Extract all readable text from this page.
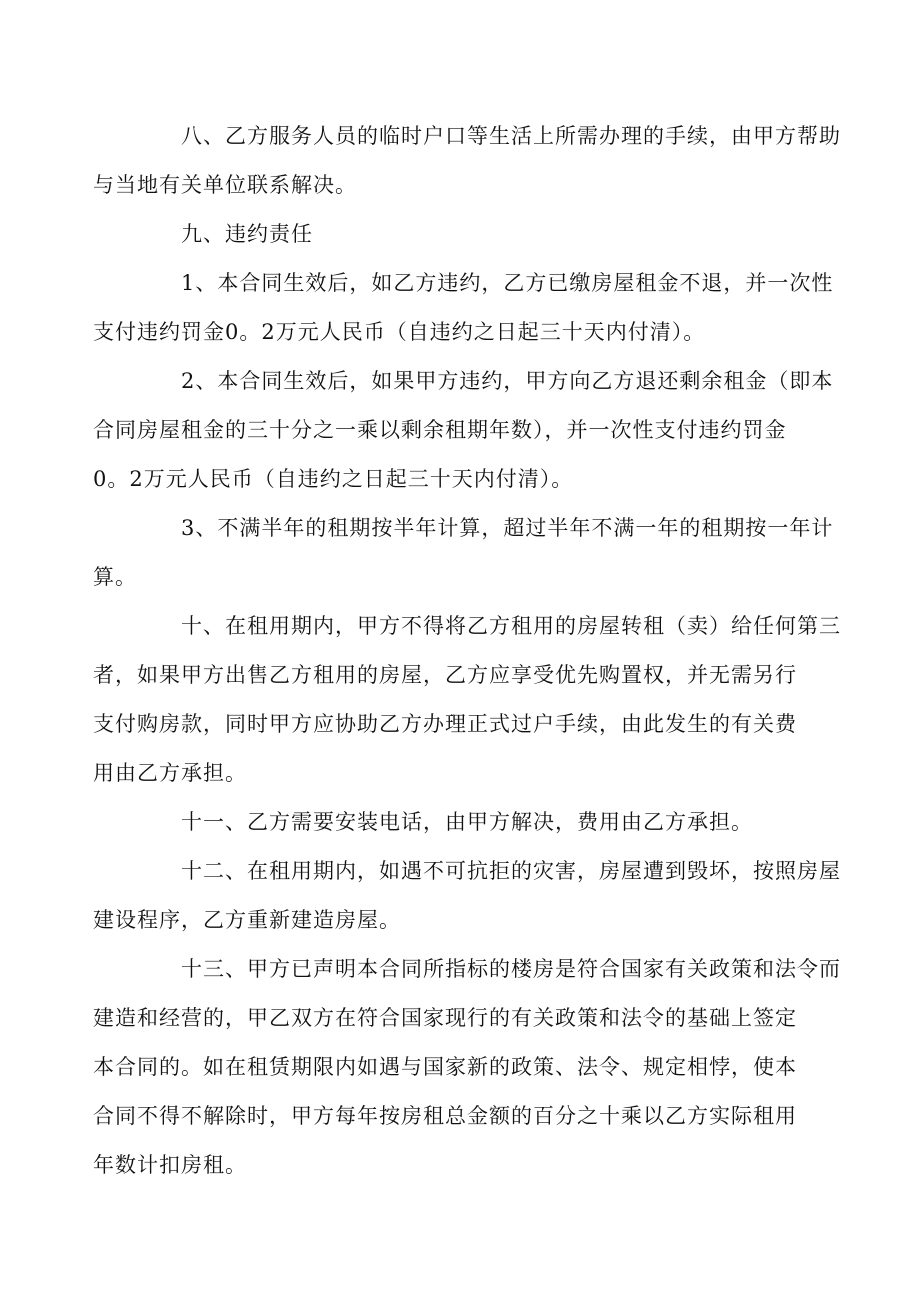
八、乙方服务人员的临时户口等生活上所需办理的手续，由甲方帮助
与当地有关单位联系解决。

九、违约责任

1、本合同生效后，如乙方违约，乙方已缴房屋租金不退，并一次性
支付违约罚金0。2万元人民币（自违约之日起三十天内付清）。

2、本合同生效后，如果甲方违约，甲方向乙方退还剩余租金（即本
合同房屋租金的三十分之一乘以剩余租期年数），并一次性支付违约罚金
0。2万元人民币（自违约之日起三十天内付清）。

3、不满半年的租期按半年计算，超过半年不满一年的租期按一年计
算。

十、在租用期内，甲方不得将乙方租用的房屋转租（卖）给任何第三
者，如果甲方出售乙方租用的房屋，乙方应享受优先购置权，并无需另行
支付购房款，同时甲方应协助乙方办理正式过户手续，由此发生的有关费
用由乙方承担。

十一、乙方需要安装电话，由甲方解决，费用由乙方承担。

十二、在租用期内，如遇不可抗拒的灾害，房屋遭到毁坏，按照房屋
建设程序，乙方重新建造房屋。

十三、甲方已声明本合同所指标的楼房是符合国家有关政策和法令而
建造和经营的，甲乙双方在符合国家现行的有关政策和法令的基础上签定
本合同的。如在租赁期限内如遇与国家新的政策、法令、规定相悖，使本
合同不得不解除时，甲方每年按房租总金额的百分之十乘以乙方实际租用
年数计扣房租。
